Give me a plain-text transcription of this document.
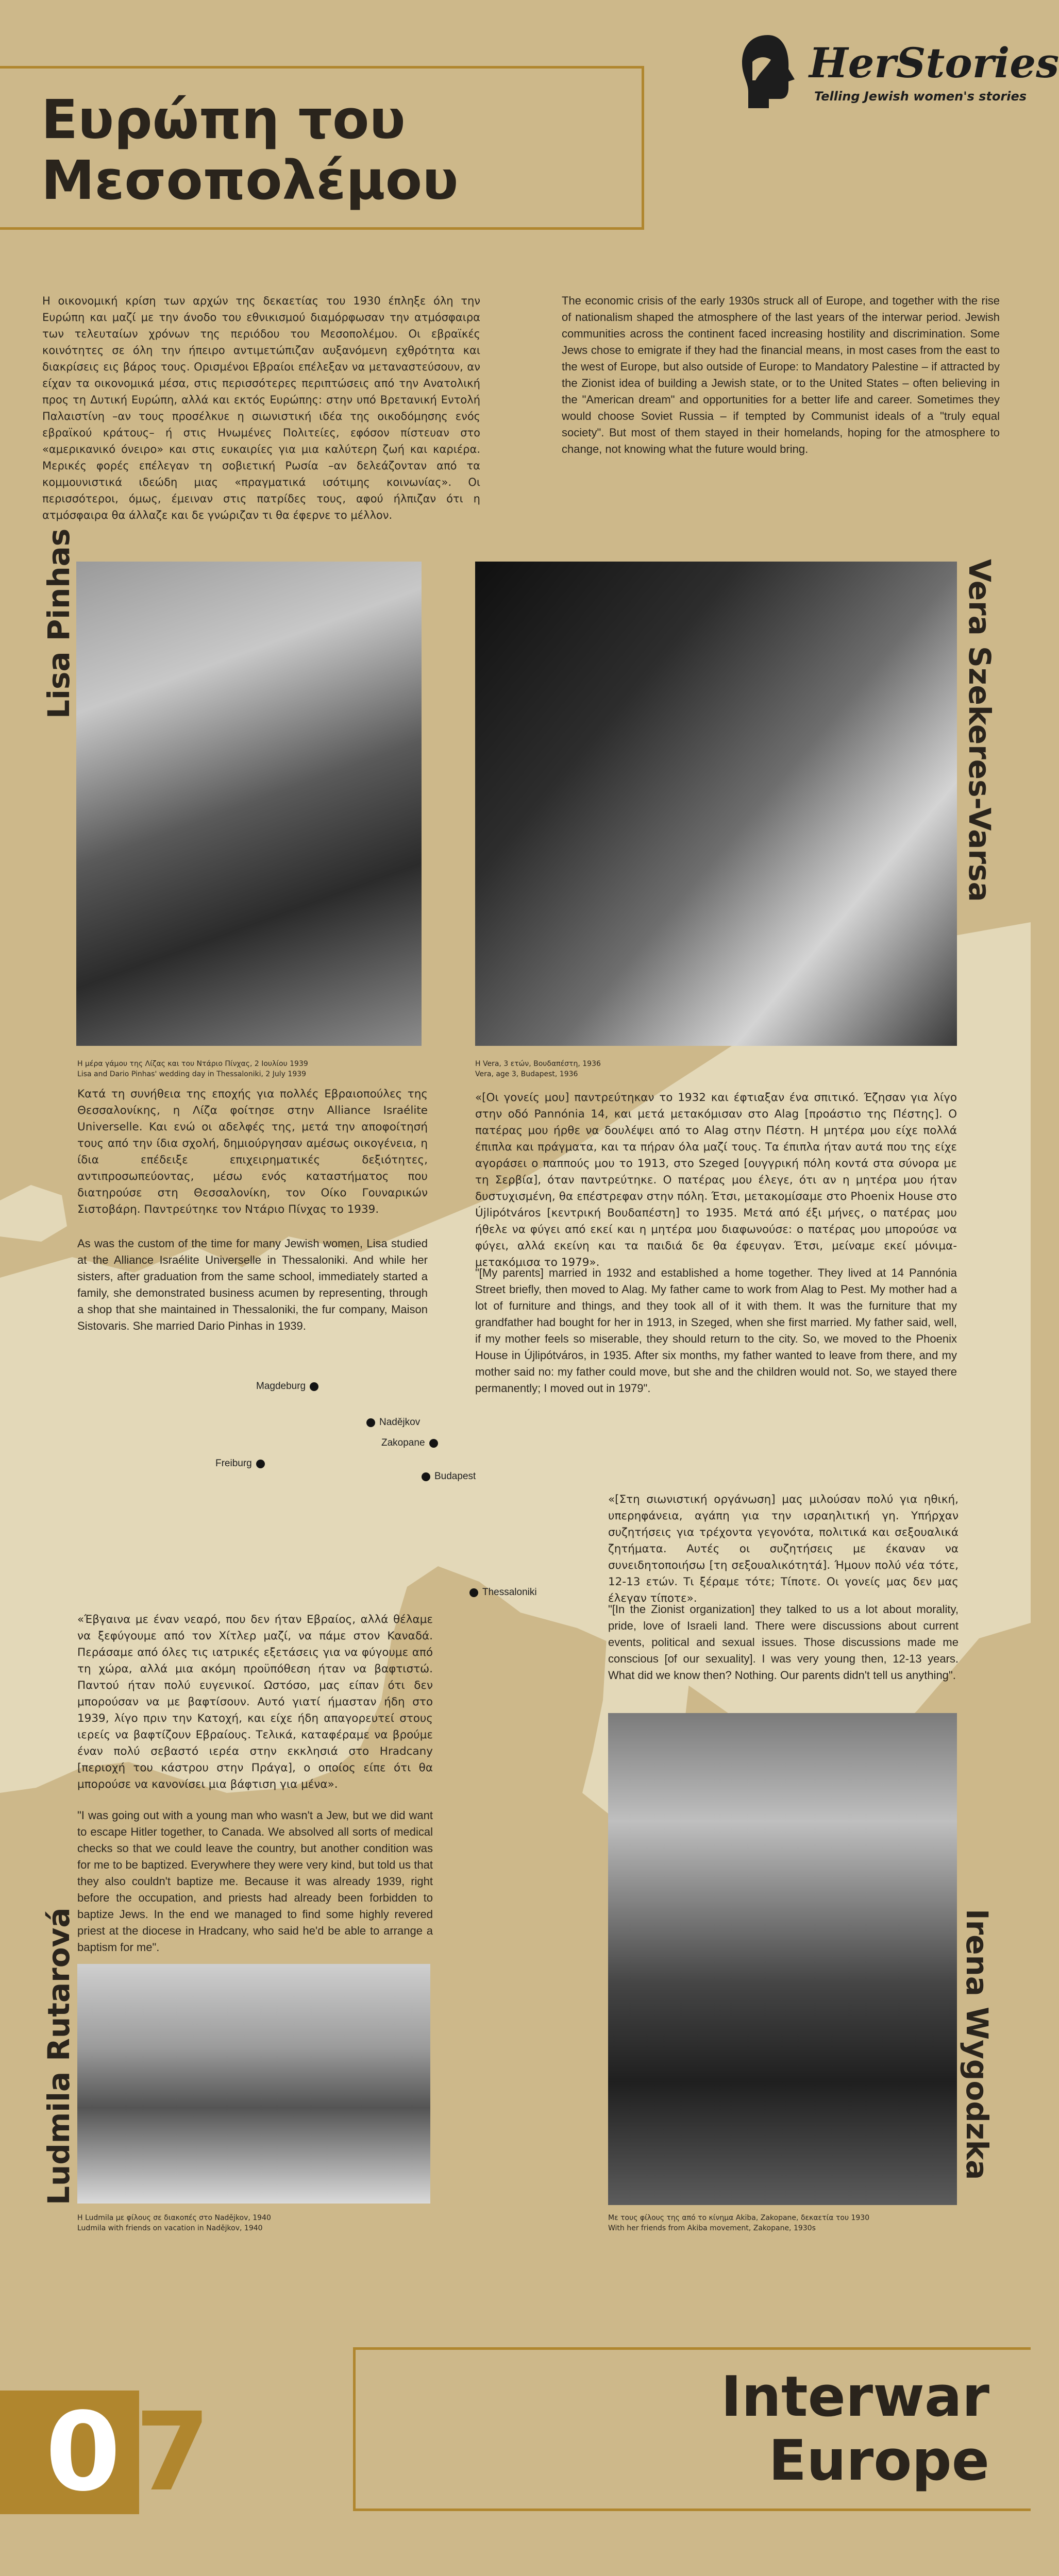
Ευρώπη του
Μεσοπολέμου
HerStories
Telling Jewish women's stories

Η οικονομική κρίση των αρχών της δεκαετίας του 1930 έπληξε όλη την Ευρώπη και μαζί με την άνοδο του εθνικισμού διαμόρφωσαν την ατμόσφαιρα των τελευταίων χρόνων της περιόδου του Μεσοπολέμου. Οι εβραϊκές κοινότητες σε όλη την ήπειρο αντιμετώπιζαν αυξανόμενη εχθρότητα και διακρίσεις εις βάρος τους. Ορισμένοι Εβραίοι επέλεξαν να μεταναστεύσουν, αν είχαν τα οικονομικά μέσα, στις περισσότερες περιπτώσεις από την Ανατολική προς τη Δυτική Ευρώπη, αλλά και εκτός Ευρώπης: στην υπό Βρετανική Εντολή Παλαιστίνη –αν τους προσέλκυε η σιωνιστική ιδέα της οικοδόμησης ενός εβραϊκού κράτους– ή στις Ηνωμένες Πολιτείες, εφόσον πίστευαν στο «αμερικανικό όνειρο» και στις ευκαιρίες για μια καλύτερη ζωή και καριέρα. Μερικές φορές επέλεγαν τη σοβιετική Ρωσία –αν δελεάζονταν από τα κομμουνιστικά ιδεώδη μιας «πραγματικά ισότιμης κοινωνίας». Οι περισσότεροι, όμως, έμειναν στις πατρίδες τους, αφού ήλπιζαν ότι η ατμόσφαιρα θα άλλαζε και δε γνώριζαν τι θα έφερνε το μέλλον.

The economic crisis of the early 1930s struck all of Europe, and together with the rise of nationalism shaped the atmosphere of the last years of the interwar period. Jewish communities across the continent faced increasing hostility and discrimination. Some Jews chose to emigrate if they had the financial means, in most cases from the east to the west of Europe, but also outside of Europe: to Mandatory Palestine – if attracted by the Zionist idea of building a Jewish state, or to the United States – often believing in the "American dream" and opportunities for a better life and career. Sometimes they would choose Soviet Russia – if tempted by Communist ideals of a "truly equal society". But most of them stayed in their homelands, hoping for the atmosphere to change, not knowing what the future would bring.

Lisa Pinhas
Η μέρα γάμου της Λίζας και του Ντάριο Πίνχας, 2 Ιουλίου 1939
Lisa and Dario Pinhas' wedding day in Thessaloniki, 2 July 1939

Κατά τη συνήθεια της εποχής για πολλές Εβραιοπούλες της Θεσσαλονίκης, η Λίζα φοίτησε στην Alliance Israélite Universelle. Και ενώ οι αδελφές της, μετά την αποφοίτησή τους από την ίδια σχολή, δημιούργησαν αμέσως οικογένεια, η ίδια επέδειξε επιχειρηματικές δεξιότητες, αντιπροσωπεύοντας, μέσω ενός καταστήματος που διατηρούσε στη Θεσσαλονίκη, τον Οίκο Γουναρικών Σιστοβάρη. Παντρεύτηκε τον Ντάριο Πίνχας το 1939.

As was the custom of the time for many Jewish women, Lisa studied at the Alliance Israélite Universelle in Thessaloniki. And while her sisters, after graduation from the same school, immediately started a family, she demonstrated business acumen by representing, through a shop that she maintained in Thessaloniki, the fur company, Maison Sistovaris. She married Dario Pinhas in 1939.

Vera Szekeres-Varsa
Η Vera, 3 ετών, Βουδαπέστη, 1936
Vera, age 3, Budapest, 1936

«[Οι γονείς μου] παντρεύτηκαν το 1932 και έφτιαξαν ένα σπιτικό. Έζησαν για λίγο στην οδό Pannónia 14, και μετά μετακόμισαν στο Alag [προάστιο της Πέστης]. Ο πατέρας μου ήρθε να δουλέψει από το Alag στην Πέστη. Η μητέρα μου είχε πολλά έπιπλα και πράγματα, και τα πήραν όλα μαζί τους. Τα έπιπλα ήταν αυτά που της είχε αγοράσει ο παππούς μου το 1913, στο Szeged [ουγγρική πόλη κοντά στα σύνορα με τη Σερβία], όταν παντρεύτηκε. Ο πατέρας μου έλεγε, ότι αν η μητέρα μου ήταν δυστυχισμένη, θα επέστρεφαν στην πόλη. Έτσι, μετακομίσαμε στο Phoenix House στο Újlipótváros [κεντρική Βουδαπέστη] το 1935. Μετά από έξι μήνες, ο πατέρας μου ήθελε να φύγει από εκεί και η μητέρα μου διαφωνούσε: ο πατέρας μου μπορούσε να φύγει, αλλά εκείνη και τα παιδιά δε θα έφευγαν. Έτσι, μείναμε εκεί μόνιμα- μετακόμισα το 1979».

"[My parents] married in 1932 and established a home together. They lived at 14 Pannónia Street briefly, then moved to Alag. My father came to work from Alag to Pest. My mother had a lot of furniture and things, and they took all of it with them. It was the furniture that my grandfather had bought for her in 1913, in Szeged, when she first married. My father said, well, if my mother feels so miserable, they should return to the city. So, we moved to the Phoenix House in Újlipótváros, in 1935. After six months, my father wanted to leave from there, and my mother said no: my father could move, but she and the children would not. So, we stayed there permanently; I moved out in 1979".

Magdeburg
Nadějkov
Zakopane
Budapest
Freiburg
Thessaloniki

«[Στη σιωνιστική οργάνωση] μας μιλούσαν πολύ για ηθική, υπερηφάνεια, αγάπη για την ισραηλιτική γη. Υπήρχαν συζητήσεις για τρέχοντα γεγονότα, πολιτικά και σεξουαλικά ζητήματα. Αυτές οι συζητήσεις με έκαναν να συνειδητοποιήσω [τη σεξουαλικότητά]. Ήμουν πολύ νέα τότε, 12-13 ετών. Τι ξέραμε τότε; Τίποτε. Οι γονείς μας δεν μας έλεγαν τίποτε».

"[In the Zionist organization] they talked to us a lot about morality, pride, love of Israeli land. There were discussions about current events, political and sexual issues. Those discussions made me conscious [of our sexuality]. I was very young then, 12-13 years. What did we know then? Nothing. Our parents didn't tell us anything".

Irena Wygodzka
Με τους φίλους της από το κίνημα Akiba, Zakopane, δεκαετία του 1930
With her friends from Akiba movement, Zakopane, 1930s

«Έβγαινα με έναν νεαρό, που δεν ήταν Εβραίος, αλλά θέλαμε να ξεφύγουμε από τον Χίτλερ μαζί, να πάμε στον Καναδά. Περάσαμε από όλες τις ιατρικές εξετάσεις για να φύγουμε από τη χώρα, αλλά μια ακόμη προϋπόθεση ήταν να βαφτιστώ. Παντού ήταν πολύ ευγενικοί. Ωστόσο, μας είπαν ότι δεν μπορούσαν να με βαφτίσουν. Αυτό γιατί ήμασταν ήδη στο 1939, λίγο πριν την Κατοχή, και είχε ήδη απαγορευτεί στους ιερείς να βαφτίζουν Εβραίους. Τελικά, καταφέραμε να βρούμε έναν πολύ σεβαστό ιερέα στην εκκλησιά στο Hradcany [περιοχή του κάστρου στην Πράγα], ο οποίος είπε ότι θα μπορούσε να κανονίσει μια βάφτιση για μένα».

"I was going out with a young man who wasn't a Jew, but we did want to escape Hitler together, to Canada. We absolved all sorts of medical checks so that we could leave the country, but another condition was for me to be baptized. Everywhere they were very kind, but told us that they also couldn't baptize me. Because it was already 1939, right before the occupation, and priests had already been forbidden to baptize Jews. In the end we managed to find some highly revered priest at the diocese in Hradcany, who said he'd be able to arrange a baptism for me".

Ludmila Rutarová
Η Ludmila με φίλους σε διακοπές στο Nadějkov, 1940
Ludmila with friends on vacation in Nadějkov, 1940
0 7	Interwar
Europe
